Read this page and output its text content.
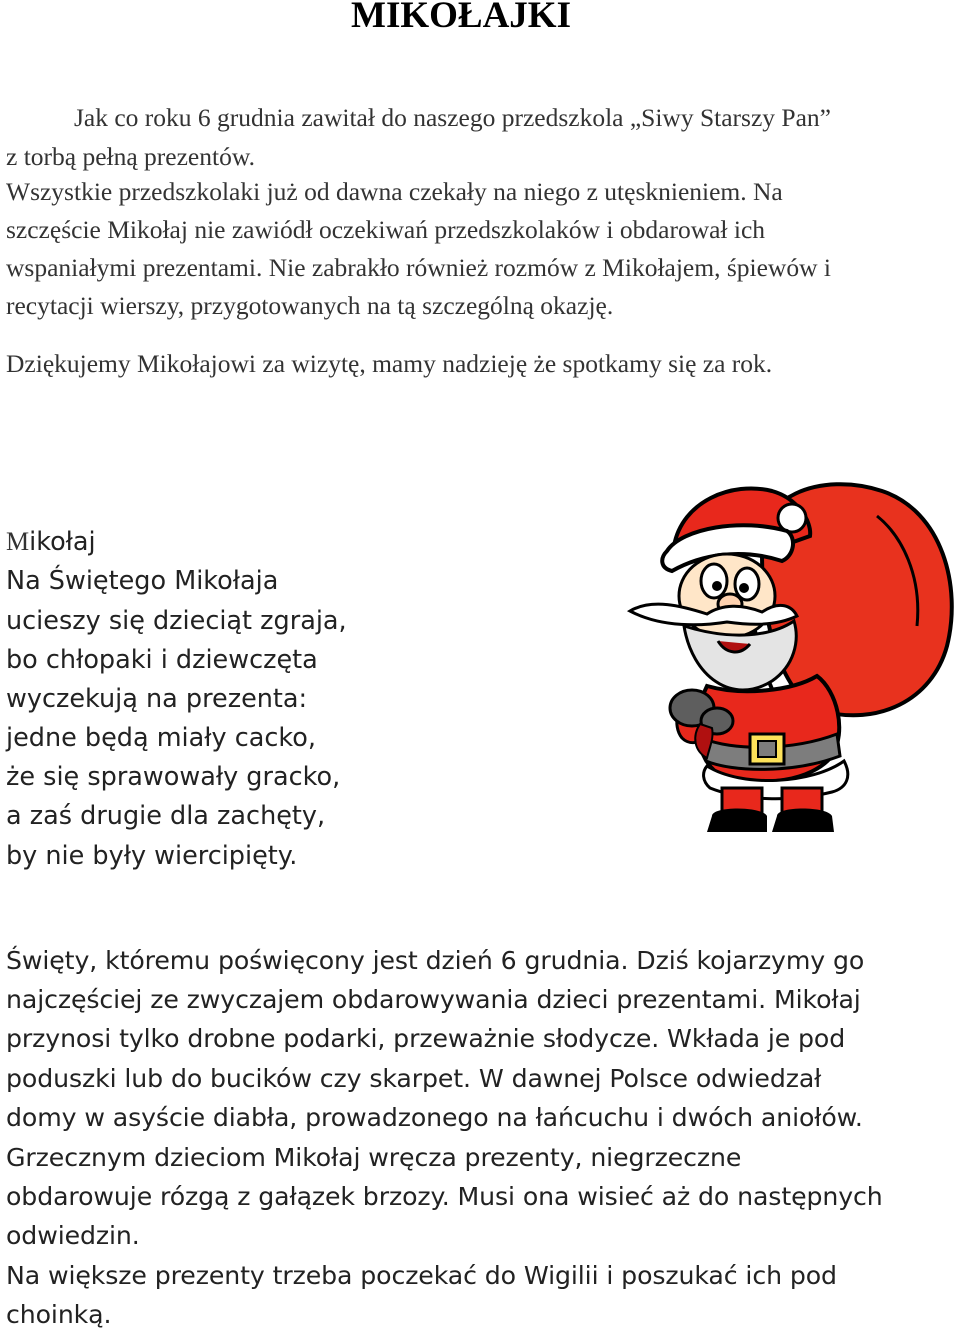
MIKOŁAJKI
Jak co roku 6 grudnia zawitał do naszego przedszkola „Siwy Starszy Pan”
z torbą pełną prezentów.
Wszystkie przedszkolaki już od dawna czekały na niego z utęsknieniem. Na
szczęście Mikołaj nie zawiódł oczekiwań przedszkolaków i obdarował ich
wspaniałymi prezentami. Nie zabrakło również rozmów z Mikołajem, śpiewów i
recytacji wierszy, przygotowanych na tą szczególną okazję.
Dziękujemy Mikołajowi za wizytę, mamy nadzieję że spotkamy się za rok.
Mikołaj
Na Świętego Mikołaja
ucieszy się dzieciąt zgraja,
bo chłopaki i dziewczęta
wyczekują na prezenta:
jedne będą miały cacko,
że się sprawowały gracko,
a zaś drugie dla zachęty,
by nie były wiercipięty.
Święty, któremu poświęcony jest dzień 6 grudnia. Dziś kojarzymy go
najczęściej ze zwyczajem obdarowywania dzieci prezentami. Mikołaj
przynosi tylko drobne podarki, przeważnie słodycze. Wkłada je pod
poduszki lub do bucików czy skarpet. W dawnej Polsce odwiedzał
domy w asyście diabła, prowadzonego na łańcuchu i dwóch aniołów.
Grzecznym dzieciom Mikołaj wręcza prezenty, niegrzeczne
obdarowuje rózgą z gałązek brzozy. Musi ona wisieć aż do następnych
odwiedzin.
Na większe prezenty trzeba poczekać do Wigilii i poszukać ich pod
choinką.
